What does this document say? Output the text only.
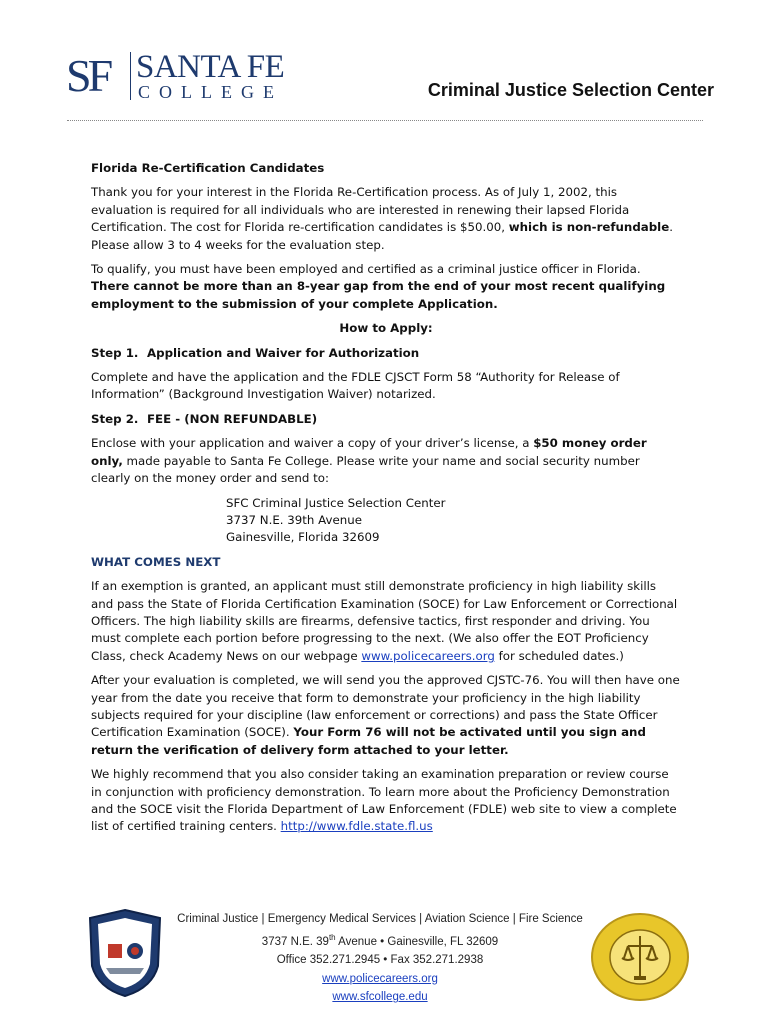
SF SANTA FE
COLLEGE	Criminal Justice Selection Center

Florida Re-Certification Candidates

Thank you for your interest in the Florida Re-Certification process. As of July 1, 2002, this evaluation is required for all individuals who are interested in renewing their lapsed Florida Certification. The cost for Florida re-certification candidates is $50.00, which is non-refundable. Please allow 3 to 4 weeks for the evaluation step.

To qualify, you must have been employed and certified as a criminal justice officer in Florida. There cannot be more than an 8-year gap from the end of your most recent qualifying employment to the submission of your complete Application.

How to Apply:

Step 1. Application and Waiver for Authorization

Complete and have the application and the FDLE CJSCT Form 58 “Authority for Release of Information” (Background Investigation Waiver) notarized.

Step 2. FEE - (NON REFUNDABLE)

Enclose with your application and waiver a copy of your driver’s license, a $50 money order only, made payable to Santa Fe College. Please write your name and social security number clearly on the money order and send to:

SFC Criminal Justice Selection Center
3737 N.E. 39th Avenue
Gainesville, Florida 32609

WHAT COMES NEXT

If an exemption is granted, an applicant must still demonstrate proficiency in high liability skills and pass the State of Florida Certification Examination (SOCE) for Law Enforcement or Correctional Officers. The high liability skills are firearms, defensive tactics, first responder and driving. You must complete each portion before progressing to the next. (We also offer the EOT Proficiency Class, check Academy News on our webpage www.policecareers.org for scheduled dates.)

After your evaluation is completed, we will send you the approved CJSTC-76. You will then have one year from the date you receive that form to demonstrate your proficiency in the high liability subjects required for your discipline (law enforcement or corrections) and pass the State Officer Certification Examination (SOCE). Your Form 76 will not be activated until you sign and return the verification of delivery form attached to your letter.

We highly recommend that you also consider taking an examination preparation or review course in conjunction with proficiency demonstration. To learn more about the Proficiency Demonstration and the SOCE visit the Florida Department of Law Enforcement (FDLE) web site to view a complete list of certified training centers. http://www.fdle.state.fl.us

Criminal Justice | Emergency Medical Services | Aviation Science | Fire Science
3737 N.E. 39th Avenue • Gainesville, FL 32609
Office 352.271.2945 • Fax 352.271.2938
www.policecareers.org
www.sfcollege.edu
